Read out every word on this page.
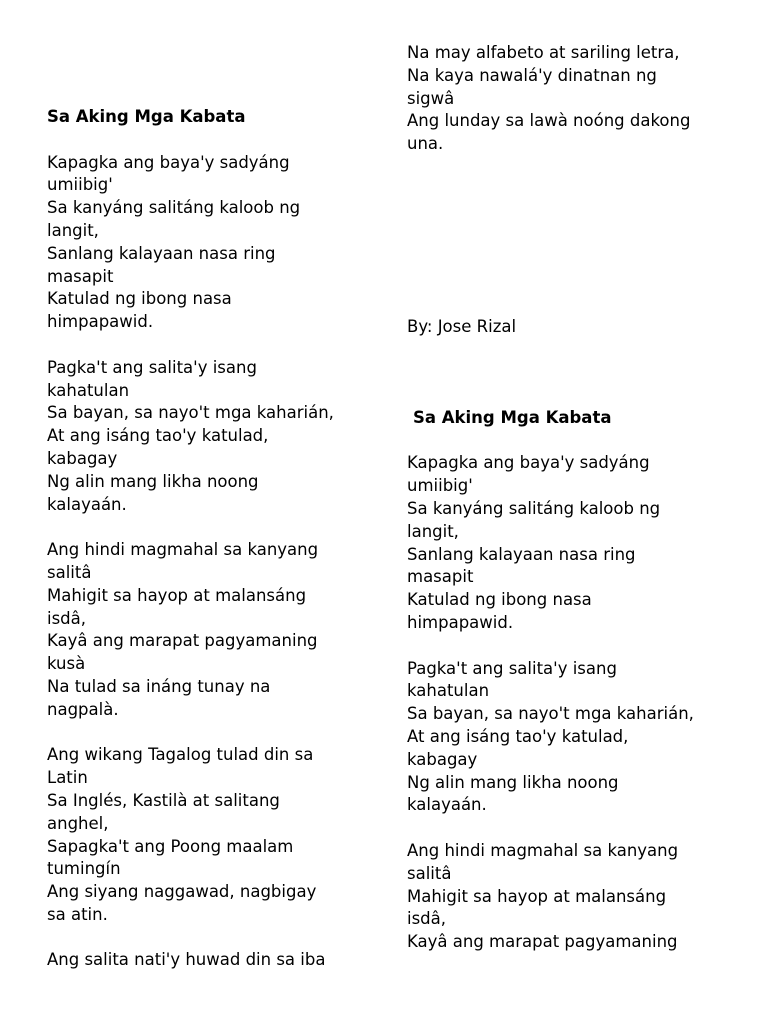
Sa Aking Mga Kabata
Kapagka ang baya'y sadyáng
umiibig'
Sa kanyáng salitáng kaloob ng
langit,
Sanlang kalayaan nasa ring
masapit
Katulad ng ibong nasa
himpapawid.
Pagka't ang salita'y isang
kahatulan
Sa bayan, sa nayo't mga kaharián,
At ang isáng tao'y katulad,
kabagay
Ng alin mang likha noong
kalayaán.
Ang hindi magmahal sa kanyang
salitâ
Mahigit sa hayop at malansáng
isdâ,
Kayâ ang marapat pagyamaning
kusà
Na tulad sa ináng tunay na
nagpalà.
Ang wikang Tagalog tulad din sa
Latin
Sa Inglés, Kastilà at salitang
anghel,
Sapagka't ang Poong maalam
tumingín
Ang siyang naggawad, nagbigay
sa atin.
Ang salita nati'y huwad din sa iba
Na may alfabeto at sariling letra,
Na kaya nawalá'y dinatnan ng
sigwâ
Ang lunday sa lawà noóng dakong
una.
By: Jose Rizal
Sa Aking Mga Kabata
Kapagka ang baya'y sadyáng
umiibig'
Sa kanyáng salitáng kaloob ng
langit,
Sanlang kalayaan nasa ring
masapit
Katulad ng ibong nasa
himpapawid.
Pagka't ang salita'y isang
kahatulan
Sa bayan, sa nayo't mga kaharián,
At ang isáng tao'y katulad,
kabagay
Ng alin mang likha noong
kalayaán.
Ang hindi magmahal sa kanyang
salitâ
Mahigit sa hayop at malansáng
isdâ,
Kayâ ang marapat pagyamaning
